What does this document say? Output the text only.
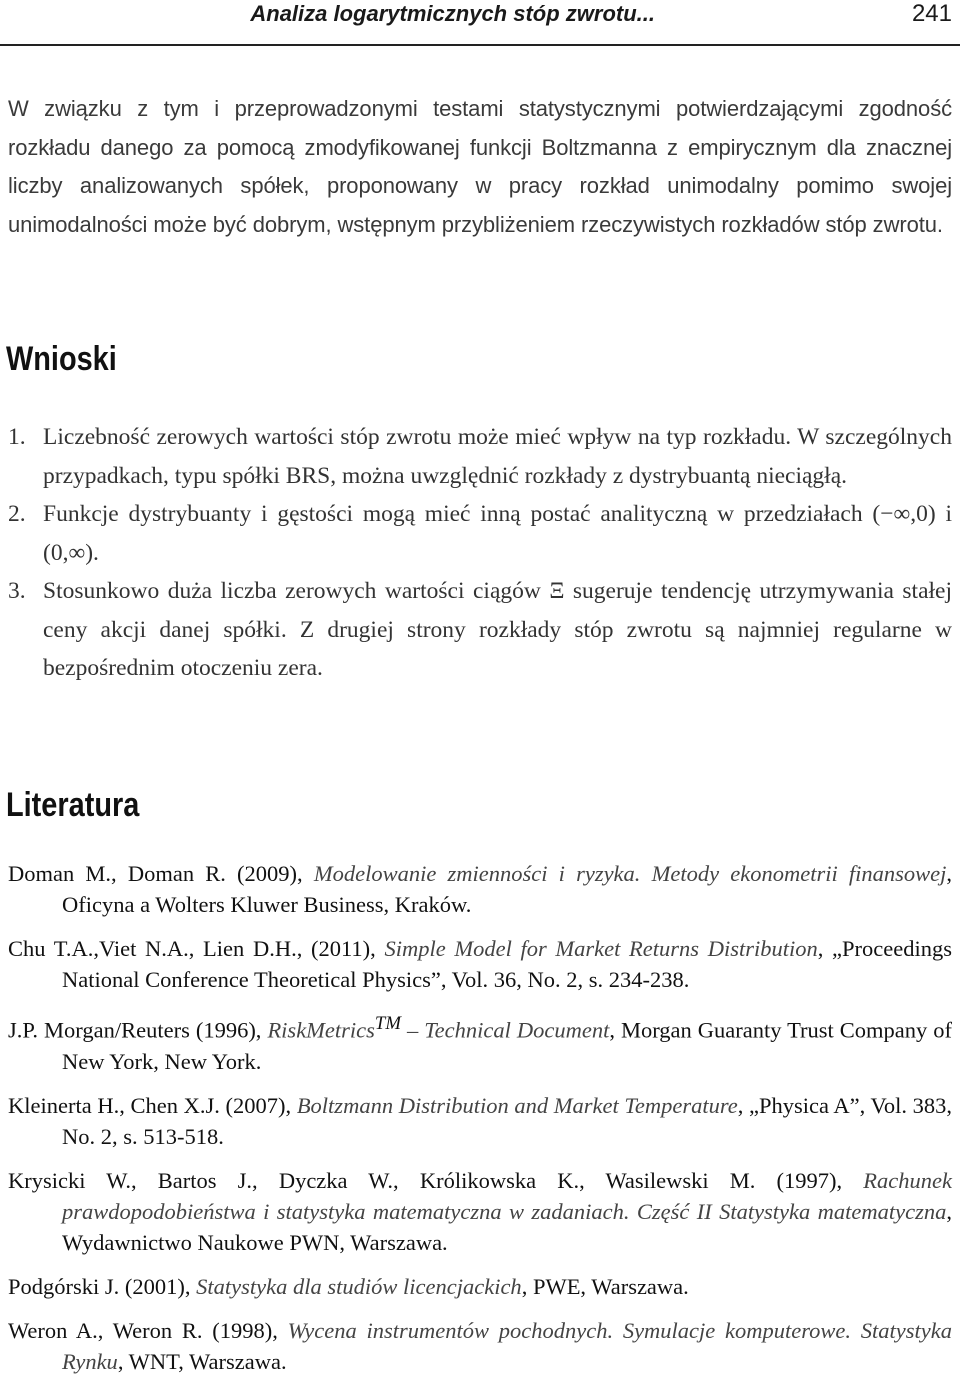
Analiza logarytmicznych stóp zwrotu...	241
W związku z tym i przeprowadzonymi testami statystycznymi potwierdzającymi zgodność rozkładu danego za pomocą zmodyfikowanej funkcji Boltzmanna z empirycznym dla znacznej liczby analizowanych spółek, proponowany w pracy rozkład unimodalny pomimo swojej unimodalności może być dobrym, wstępnym przybliżeniem rzeczywistych rozkładów stóp zwrotu.
Wnioski
1. Liczebność zerowych wartości stóp zwrotu może mieć wpływ na typ rozkładu. W szczególnych przypadkach, typu spółki BRS, można uwzględnić rozkłady z dystrybuantą nieciągłą.
2. Funkcje dystrybuanty i gęstości mogą mieć inną postać analityczną w przedziałach (−∞,0) i (0,∞).
3. Stosunkowo duża liczba zerowych wartości ciągów Ξ sugeruje tendencję utrzymywania stałej ceny akcji danej spółki. Z drugiej strony rozkłady stóp zwrotu są najmniej regularne w bezpośrednim otoczeniu zera.
Literatura
Doman M., Doman R. (2009), Modelowanie zmienności i ryzyka. Metody ekonometrii finansowej, Oficyna a Wolters Kluwer Business, Kraków.
Chu T.A.,Viet N.A., Lien D.H., (2011), Simple Model for Market Returns Distribution, „Proceedings National Conference Theoretical Physics”, Vol. 36, No. 2, s. 234-238.
J.P. Morgan/Reuters (1996), RiskMetrics™ – Technical Document, Morgan Guaranty Trust Company of New York, New York.
Kleinerta H., Chen X.J. (2007), Boltzmann Distribution and Market Temperature, „Physica A”, Vol. 383, No. 2, s. 513-518.
Krysicki W., Bartos J., Dyczka W., Królikowska K., Wasilewski M. (1997), Rachunek prawdopodobieństwa i statystyka matematyczna w zadaniach. Część II Statystyka matematyczna, Wydawnictwo Naukowe PWN, Warszawa.
Podgórski J. (2001), Statystyka dla studiów licencjackich, PWE, Warszawa.
Weron A., Weron R. (1998), Wycena instrumentów pochodnych. Symulacje komputerowe. Statystyka Rynku, WNT, Warszawa.
